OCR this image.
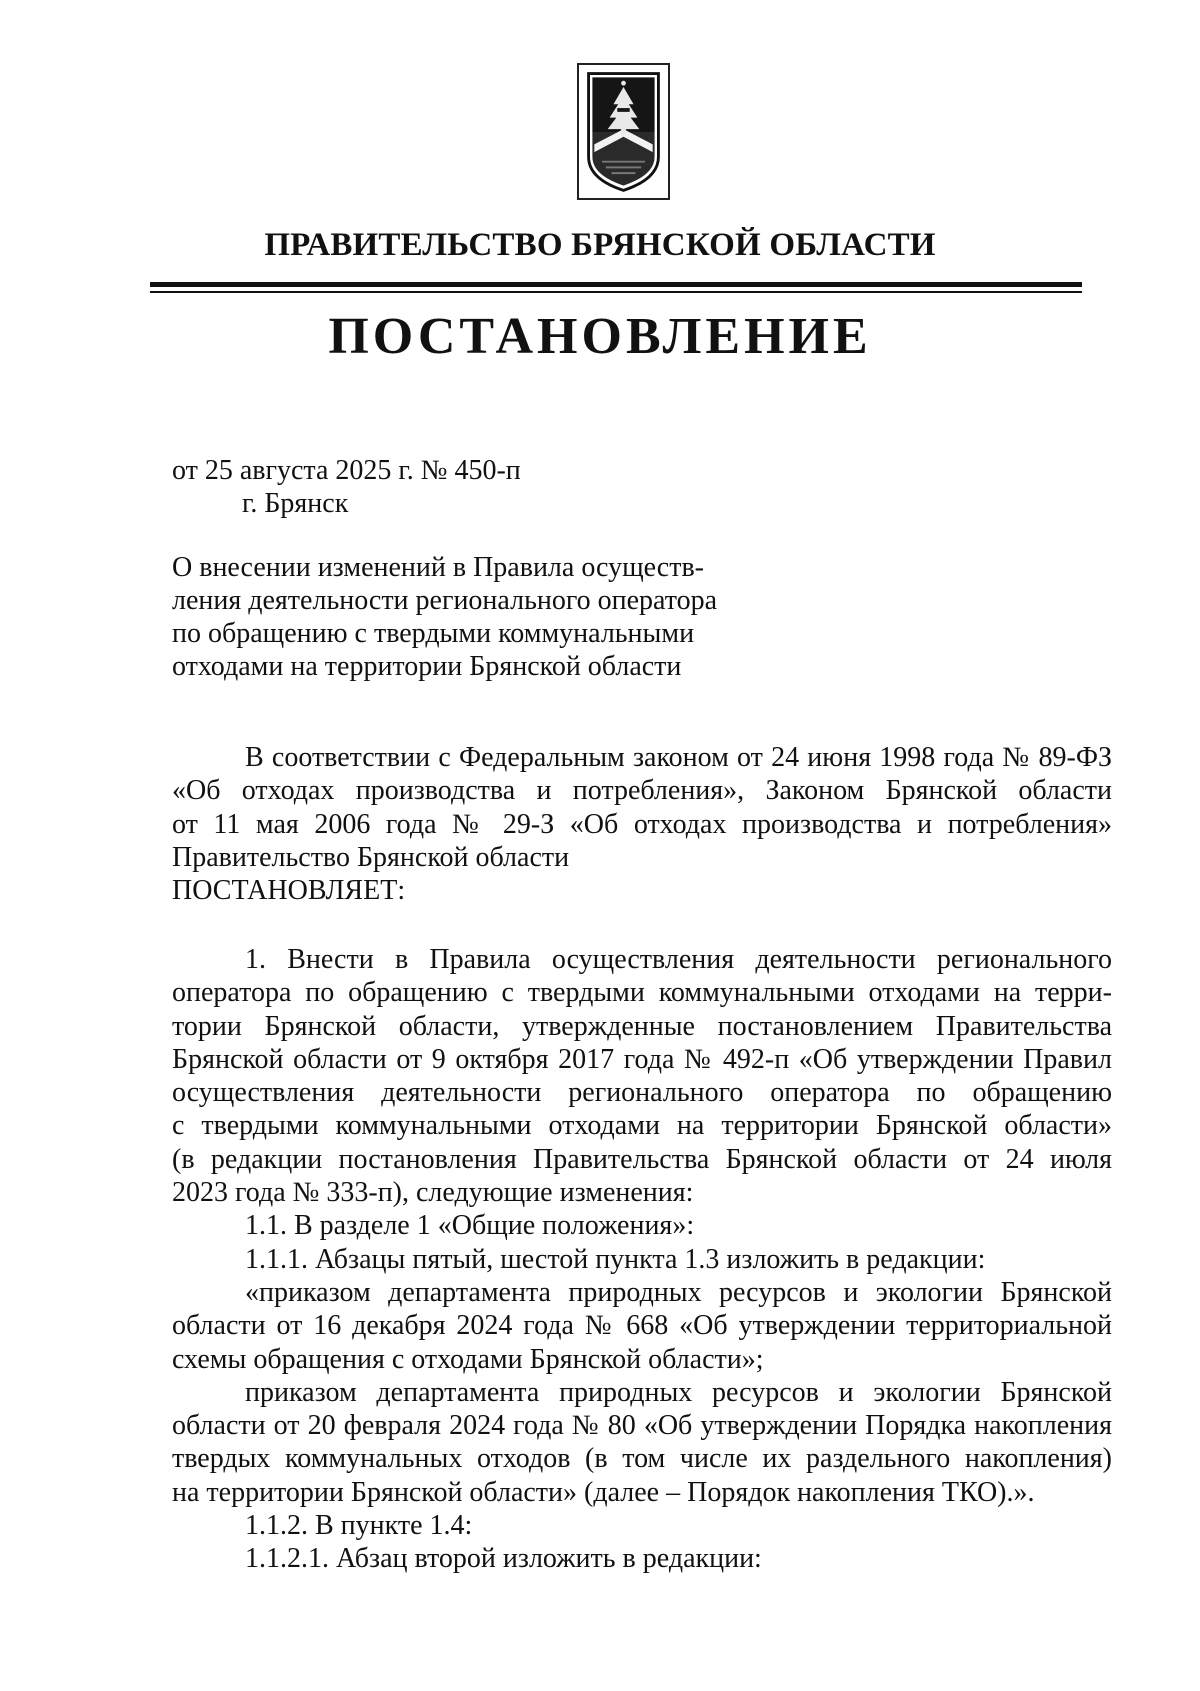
ПРАВИТЕЛЬСТВО БРЯНСКОЙ ОБЛАСТИ
ПОСТАНОВЛЕНИЕ
от 25 августа 2025 г. № 450-п
г. Брянск
О внесении изменений в Правила осуществ-
ления деятельности регионального оператора
по обращению с твердыми коммунальными
отходами на территории Брянской области
В соответствии с Федеральным законом от 24 июня 1998 года № 89-ФЗ
«Об отходах производства и потребления», Законом Брянской области
от 11 мая 2006 года № 29-З «Об отходах производства и потребления»
Правительство Брянской области
ПОСТАНОВЛЯЕТ:
1. Внести в Правила осуществления деятельности регионального
оператора по обращению с твердыми коммунальными отходами на терри-
тории Брянской области, утвержденные постановлением Правительства
Брянской области от 9 октября 2017 года № 492-п «Об утверждении Правил
осуществления деятельности регионального оператора по обращению
с твердыми коммунальными отходами на территории Брянской области»
(в редакции постановления Правительства Брянской области от 24 июля
2023 года № 333-п), следующие изменения:
1.1. В разделе 1 «Общие положения»:
1.1.1. Абзацы пятый, шестой пункта 1.3 изложить в редакции:
«приказом департамента природных ресурсов и экологии Брянской
области от 16 декабря 2024 года № 668 «Об утверждении территориальной
схемы обращения с отходами Брянской области»;
приказом департамента природных ресурсов и экологии Брянской
области от 20 февраля 2024 года № 80 «Об утверждении Порядка накопления
твердых коммунальных отходов (в том числе их раздельного накопления)
на территории Брянской области» (далее – Порядок накопления ТКО).».
1.1.2. В пункте 1.4:
1.1.2.1. Абзац второй изложить в редакции:
